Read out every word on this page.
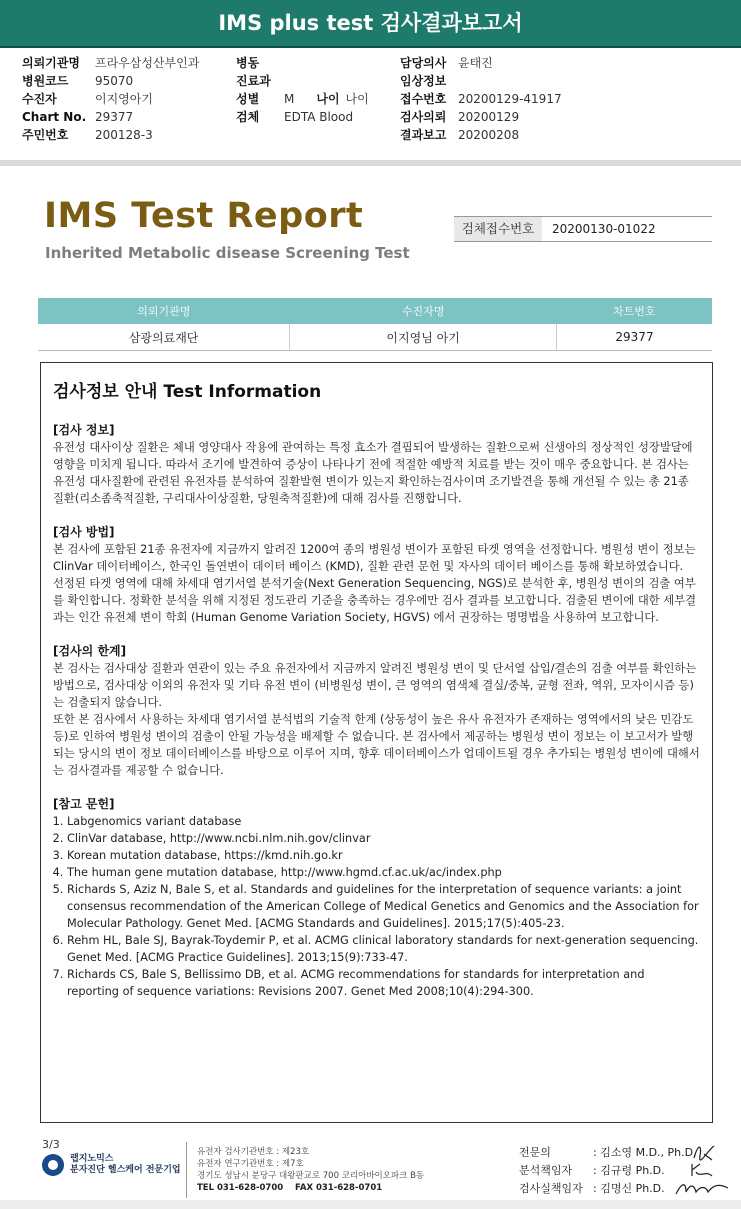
IMS plus test 검사결과보고서
의뢰기관명	프라우삼성산부인과
병원코드	95070
수진자	이지영아기
Chart No. 29377
주민번호	200128-3
병동
진료과
성별	M 나이 나이
검체	EDTA Blood
담당의사 윤태진
임상정보
접수번호 20200129-41917
검사의뢰 20200129
결과보고 20200208
IMS Test Report
Inherited Metabolic disease Screening Test
검체접수번호	20200130-01022
의뢰기관명	수진자명	차트번호
삼광의료재단	이지영님 아기	29377
검사정보 안내 Test Information

[검사 정보]

유전성 대사이상 질환은 체내 영양대사 작용에 관여하는 특정 효소가 결핍되어 발생하는 질환으로써 신생아의 정상적인 성장발달에 영향을 미치게 됩니다. 따라서 조기에 발견하여 증상이 나타나기 전에 적절한 예방적 치료를 받는 것이 매우 중요합니다. 본 검사는 유전성 대사질환에 관련된 유전자를 분석하여 질환발현 변이가 있는지 확인하는검사이며 조기발견을 통해 개선될 수 있는 총 21종 질환(리소좀축적질환, 구리대사이상질환, 당원축적질환)에 대해 검사를 진행합니다.

[검사 방법]

본 검사에 포함된 21종 유전자에 지금까지 알려진 1200여 종의 병원성 변이가 포함된 타겟 영역을 선정합니다. 병원성 변이 정보는 ClinVar 데이터베이스, 한국인 돌연변이 데이터 베이스 (KMD), 질환 관련 문헌 및 자사의 데이터 베이스를 통해 확보하였습니다.

선정된 타겟 영역에 대해 차세대 염기서열 분석기술(Next Generation Sequencing, NGS)로 분석한 후, 병원성 변이의 검출 여부를 확인합니다. 정확한 분석을 위해 지정된 정도관리 기준을 충족하는 경우에만 검사 결과를 보고합니다. 검출된 변이에 대한 세부결과는 인간 유전체 변이 학회 (Human Genome Variation Society, HGVS) 에서 권장하는 명명법을 사용하여 보고합니다.

[검사의 한계]

본 검사는 검사대상 질환과 연관이 있는 주요 유전자에서 지금까지 알려진 병원성 변이 및 단서열 삽입/결손의 검출 여부를 확인하는 방법으로, 검사대상 이외의 유전자 및 기타 유전 변이 (비병원성 변이, 큰 영역의 염색체 결실/중복, 균형 전좌, 역위, 모자이시즘 등)는 검출되지 않습니다.

또한 본 검사에서 사용하는 차세대 염기서열 분석법의 기술적 한계 (상동성이 높은 유사 유전자가 존재하는 영역에서의 낮은 민감도 등)로 인하여 병원성 변이의 검출이 안될 가능성을 배제할 수 없습니다. 본 검사에서 제공하는 병원성 변이 정보는 이 보고서가 발행되는 당시의 변이 정보 데이터베이스를 바탕으로 이루어 지며, 향후 데이터베이스가 업데이트될 경우 추가되는 병원성 변이에 대해서는 검사결과를 제공할 수 없습니다.

[참고 문헌]

1. Labgenomics variant database
2. ClinVar database, http://www.ncbi.nlm.nih.gov/clinvar
3. Korean mutation database, https://kmd.nih.go.kr
4. The human gene mutation database, http://www.hgmd.cf.ac.uk/ac/index.php
5. Richards S, Aziz N, Bale S, et al. Standards and guidelines for the interpretation of sequence variants: a joint consensus recommendation of the American College of Medical Genetics and Genomics and the Association for Molecular Pathology. Genet Med. [ACMG Standards and Guidelines]. 2015;17(5):405-23.
6. Rehm HL, Bale SJ, Bayrak-Toydemir P, et al. ACMG clinical laboratory standards for next-generation sequencing. Genet Med. [ACMG Practice Guidelines]. 2013;15(9):733-47.
7. Richards CS, Bale S, Bellissimo DB, et al. ACMG recommendations for standards for interpretation and reporting of sequence variations: Revisions 2007. Genet Med 2008;10(4):294-300.
3/3
랩지노믹스
분자진단 헬스케어 전문기업
유전자 검사기관번호 : 제23호
유전자 연구기관번호 : 제7호
경기도 성남시 분당구 대왕판교로 700 코리아바이오파크 B동
TEL 031-628-0700 FAX 031-628-0701
전문의	: 김소영 M.D., Ph.D.
분석책임자	: 김규령 Ph.D.
검사실책임자 : 김명신 Ph.D.
